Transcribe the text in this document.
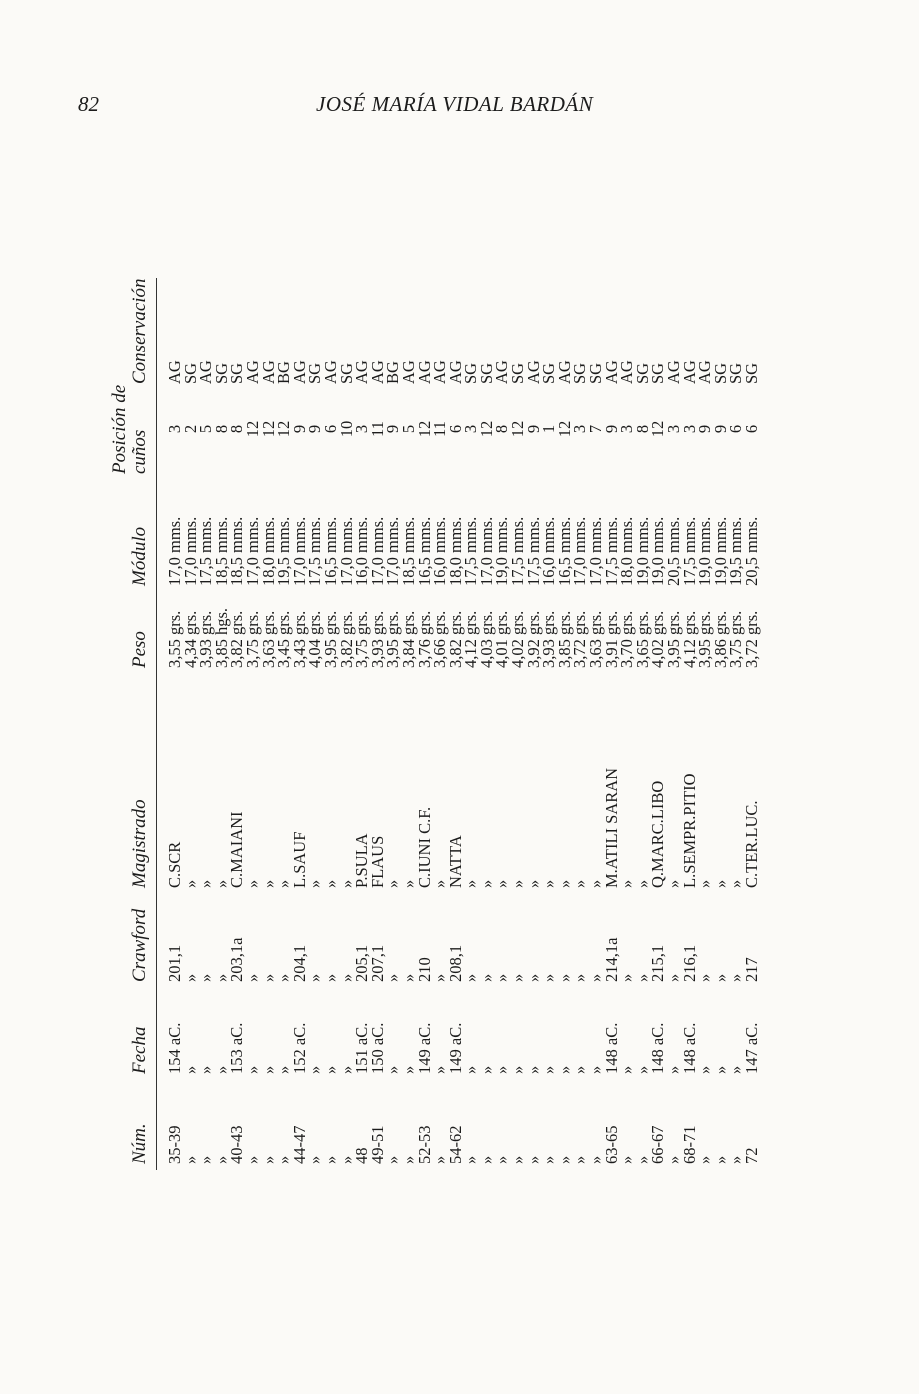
82	JOSÉ MARÍA VIDAL BARDÁN
Núm.	Fecha	Crawford	Magistrado	Peso	Módulo	Posición de cuños	Conservación
35-39	154 aC.	201,1	C.SCR	3,55 grs.	17,0 mms.	3	AG
»	»	»	»	4,34 grs.	17,0 mms.	2	SG
»	»	»	»	3,93 grs.	17,5 mms.	5	AG
»	»	»	»	3,85 hgs.	18,5 mms.	8	SG
40-43	153 aC.	203,1a	C.MAIANI	3,82 grs.	18,5 mms.	8	SG
»	»	»	»	3,75 grs.	17,0 mms.	12	AG
»	»	»	»	3,63 grs.	18,0 mms.	12	AG
»	»	»	»	3,45 grs.	19,5 mms.	12	BG
44-47	152 aC.	204,1	L.SAUF	3,43 grs.	17,0 mms.	9	AG
»	»	»	»	4,04 grs.	17,5 mms.	9	SG
»	»	»	»	3,95 grs.	16,5 mms.	6	AG
»	»	»	»	3,82 grs.	17,0 mms.	10	SG
48	151 aC.	205,1	P.SULA	3,75 grs.	16,0 mms.	3	AG
49-51	150 aC.	207,1	FLAUS	3,93 grs.	17,0 mms.	11	AG
»	»	»	»	3,95 grs.	17,0 mms.	9	BG
»	»	»	»	3,84 grs.	18,5 mms.	5	AG
52-53	149 aC.	210	C.IUNI C.F.	3,76 grs.	16,5 mms.	12	AG
»	»	»	»	3,66 grs.	16,0 mms.	11	AG
54-62	149 aC.	208,1	NATTA	3,82 grs.	18,0 mms.	6	AG
»	»	»	»	4,12 grs.	17,5 mms.	3	SG
»	»	»	»	4,03 grs.	17,0 mms.	12	SG
»	»	»	»	4,01 grs.	19,0 mms.	8	AG
»	»	»	»	4,02 grs.	17,5 mms.	12	SG
»	»	»	»	3,92 grs.	17,5 mms.	9	AG
»	»	»	»	3,93 grs.	16,0 mms.	1	SG
»	»	»	»	3,85 grs.	16,5 mms.	12	AG
»	»	»	»	3,72 grs.	17,0 mms.	3	SG
»	»	»	»	3,63 grs.	17,0 mms.	7	SG
63-65	148 aC.	214,1a	M.ATILI SARAN	3,91 grs.	17,5 mms.	9	AG
»	»	»	»	3,70 grs.	18,0 mms.	3	AG
»	»	»	»	3,65 grs.	19,0 mms.	8	SG
66-67	148 aC.	215,1	Q.MARC.LIBO	4,02 grs.	19,0 mms.	12	SG
»	»	»	»	3,95 grs.	20,5 mms.	3	AG
68-71	148 aC.	216,1	L.SEMPR.PITIO	4,12 grs.	17,5 mms.	3	AG
»	»	»	»	3,95 grs.	19,0 mms.	9	AG
»	»	»	»	3,86 grs.	19,0 mms.	9	SG
»	»	»	»	3,75 grs.	19,5 mms.	6	SG
72	147 aC.	217	C.TER.LUC.	3,72 grs.	20,5 mms.	6	SG
